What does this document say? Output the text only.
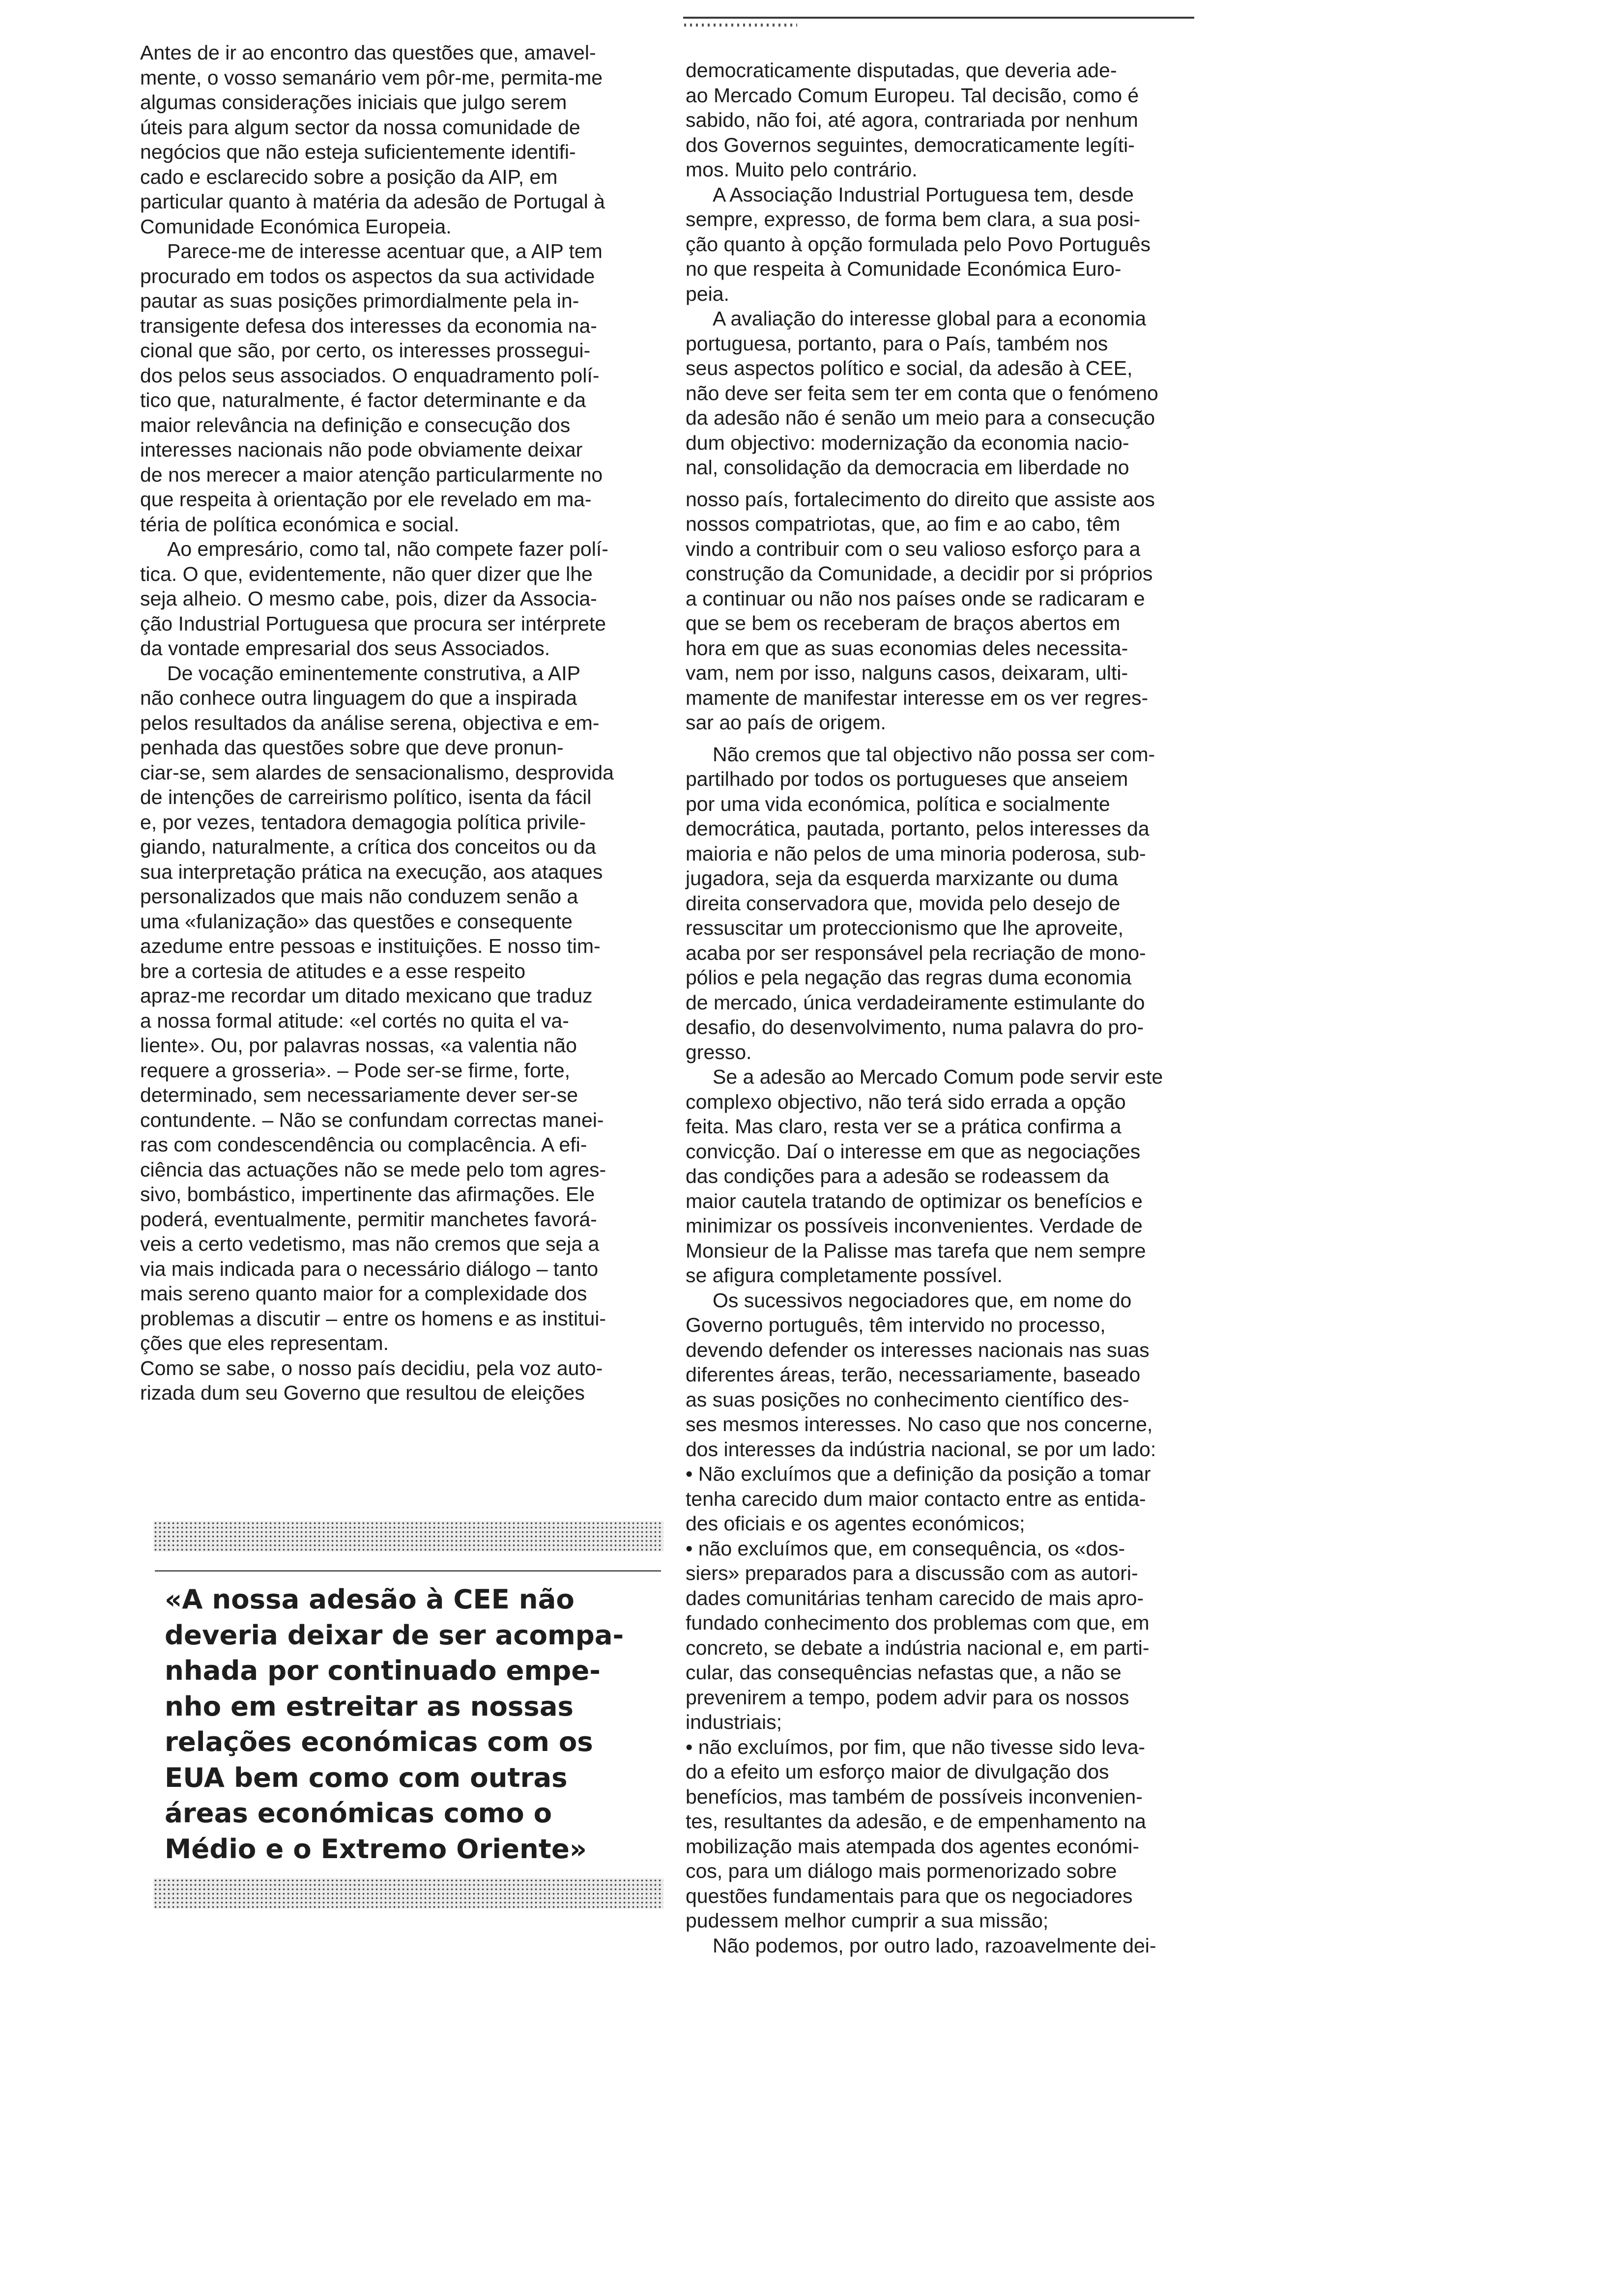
Antes de ir ao encontro das questões que, amavel-

mente, o vosso semanário vem pôr-me, permita-me

algumas considerações iniciais que julgo serem

úteis para algum sector da nossa comunidade de

negócios que não esteja suficientemente identifi-

cado e esclarecido sobre a posição da AIP, em

particular quanto à matéria da adesão de Portugal à

Comunidade Económica Europeia.

Parece-me de interesse acentuar que, a AIP tem

procurado em todos os aspectos da sua actividade

pautar as suas posições primordialmente pela in-

transigente defesa dos interesses da economia na-

cional que são, por certo, os interesses prossegui-

dos pelos seus associados. O enquadramento polí-

tico que, naturalmente, é factor determinante e da

maior relevância na definição e consecução dos

interesses nacionais não pode obviamente deixar

de nos merecer a maior atenção particularmente no

que respeita à orientação por ele revelado em ma-

téria de política económica e social.

Ao empresário, como tal, não compete fazer polí-

tica. O que, evidentemente, não quer dizer que lhe

seja alheio. O mesmo cabe, pois, dizer da Associa-

ção Industrial Portuguesa que procura ser intérprete

da vontade empresarial dos seus Associados.

De vocação eminentemente construtiva, a AIP

não conhece outra linguagem do que a inspirada

pelos resultados da análise serena, objectiva e em-

penhada das questões sobre que deve pronun-

ciar-se, sem alardes de sensacionalismo, desprovida

de intenções de carreirismo político, isenta da fácil

e, por vezes, tentadora demagogia política privile-

giando, naturalmente, a crítica dos conceitos ou da

sua interpretação prática na execução, aos ataques

personalizados que mais não conduzem senão a

uma «fulanização» das questões e consequente

azedume entre pessoas e instituições. E nosso tim-

bre a cortesia de atitudes e a esse respeito

apraz-me recordar um ditado mexicano que traduz

a nossa formal atitude: «el cortés no quita el va-

liente». Ou, por palavras nossas, «a valentia não

requere a grosseria». – Pode ser-se firme, forte,

determinado, sem necessariamente dever ser-se

contundente. – Não se confundam correctas manei-

ras com condescendência ou complacência. A efi-

ciência das actuações não se mede pelo tom agres-

sivo, bombástico, impertinente das afirmações. Ele

poderá, eventualmente, permitir manchetes favorá-

veis a certo vedetismo, mas não cremos que seja a

via mais indicada para o necessário diálogo – tanto

mais sereno quanto maior for a complexidade dos

problemas a discutir – entre os homens e as institui-

ções que eles representam.

Como se sabe, o nosso país decidiu, pela voz auto-

rizada dum seu Governo que resultou de eleições

«A nossa adesão à CEE não
deveria deixar de ser acompa-
nhada por continuado empe-
nho em estreitar as nossas
relações económicas com os
EUA bem como com outras
áreas económicas como o
Médio e o Extremo Oriente»

democraticamente disputadas, que deveria ade-

ao Mercado Comum Europeu. Tal decisão, como é

sabido, não foi, até agora, contrariada por nenhum

dos Governos seguintes, democraticamente legíti-

mos. Muito pelo contrário.

A Associação Industrial Portuguesa tem, desde

sempre, expresso, de forma bem clara, a sua posi-

ção quanto à opção formulada pelo Povo Português

no que respeita à Comunidade Económica Euro-

peia.

A avaliação do interesse global para a economia

portuguesa, portanto, para o País, também nos

seus aspectos político e social, da adesão à CEE,

não deve ser feita sem ter em conta que o fenómeno

da adesão não é senão um meio para a consecução

dum objectivo: modernização da economia nacio-

nal, consolidação da democracia em liberdade no

nosso país, fortalecimento do direito que assiste aos

nossos compatriotas, que, ao fim e ao cabo, têm

vindo a contribuir com o seu valioso esforço para a

construção da Comunidade, a decidir por si próprios

a continuar ou não nos países onde se radicaram e

que se bem os receberam de braços abertos em

hora em que as suas economias deles necessita-

vam, nem por isso, nalguns casos, deixaram, ulti-

mamente de manifestar interesse em os ver regres-

sar ao país de origem.

Não cremos que tal objectivo não possa ser com-

partilhado por todos os portugueses que anseiem

por uma vida económica, política e socialmente

democrática, pautada, portanto, pelos interesses da

maioria e não pelos de uma minoria poderosa, sub-

jugadora, seja da esquerda marxizante ou duma

direita conservadora que, movida pelo desejo de

ressuscitar um proteccionismo que lhe aproveite,

acaba por ser responsável pela recriação de mono-

pólios e pela negação das regras duma economia

de mercado, única verdadeiramente estimulante do

desafio, do desenvolvimento, numa palavra do pro-

gresso.

Se a adesão ao Mercado Comum pode servir este

complexo objectivo, não terá sido errada a opção

feita. Mas claro, resta ver se a prática confirma a

convicção. Daí o interesse em que as negociações

das condições para a adesão se rodeassem da

maior cautela tratando de optimizar os benefícios e

minimizar os possíveis inconvenientes. Verdade de

Monsieur de la Palisse mas tarefa que nem sempre

se afigura completamente possível.

Os sucessivos negociadores que, em nome do

Governo português, têm intervido no processo,

devendo defender os interesses nacionais nas suas

diferentes áreas, terão, necessariamente, baseado

as suas posições no conhecimento científico des-

ses mesmos interesses. No caso que nos concerne,

dos interesses da indústria nacional, se por um lado:

• Não excluímos que a definição da posição a tomar

tenha carecido dum maior contacto entre as entida-

des oficiais e os agentes económicos;

• não excluímos que, em consequência, os «dos-

siers» preparados para a discussão com as autori-

dades comunitárias tenham carecido de mais apro-

fundado conhecimento dos problemas com que, em

concreto, se debate a indústria nacional e, em parti-

cular, das consequências nefastas que, a não se

prevenirem a tempo, podem advir para os nossos

industriais;

• não excluímos, por fim, que não tivesse sido leva-

do a efeito um esforço maior de divulgação dos

benefícios, mas também de possíveis inconvenien-

tes, resultantes da adesão, e de empenhamento na

mobilização mais atempada dos agentes económi-

cos, para um diálogo mais pormenorizado sobre

questões fundamentais para que os negociadores

pudessem melhor cumprir a sua missão;

Não podemos, por outro lado, razoavelmente dei-
